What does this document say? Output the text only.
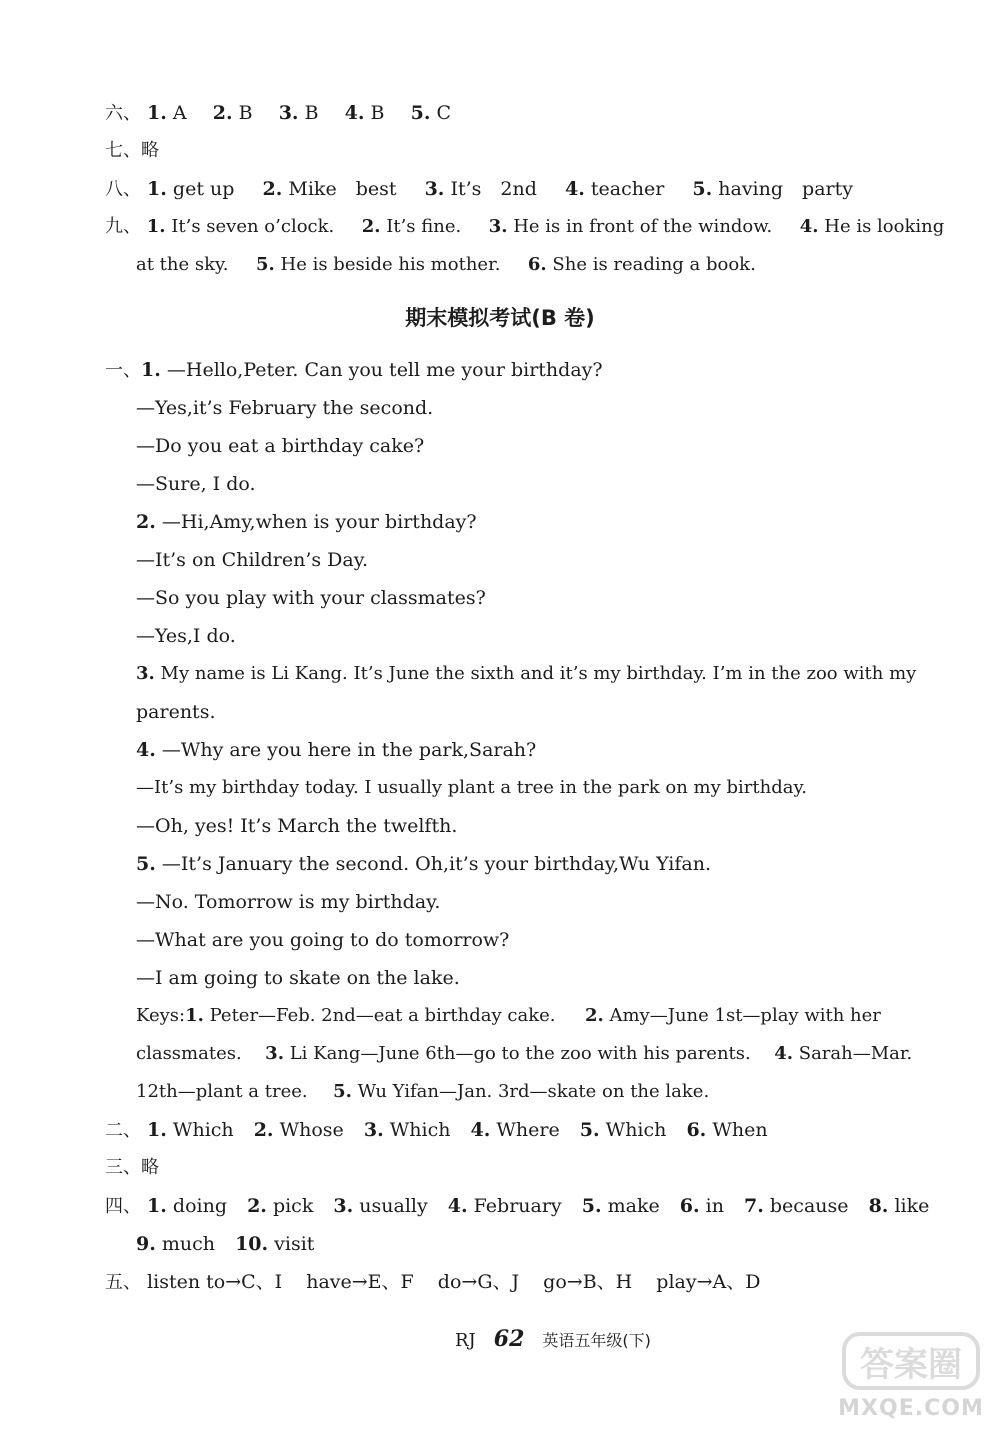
六、 1. A 2. B 3. B 4. B 5. C
七、略
八、 1. get up 2. Mike　best 3. It’s　2nd 4. teacher 5. having　party
九、 1. It’s seven o’clock. 2. It’s fine. 3. He is in front of the window. 4. He is looking
at the sky. 5. He is beside his mother. 6. She is reading a book.
期末模拟考试(B 卷)
一、1. —Hello,Peter. Can you tell me your birthday?
—Yes,it’s February the second.
—Do you eat a birthday cake?
—Sure, I do.
2. —Hi,Amy,when is your birthday?
—It’s on Children’s Day.
—So you play with your classmates?
—Yes,I do.
3. My name is Li Kang. It’s June the sixth and it’s my birthday. I’m in the zoo with my
parents.
4. —Why are you here in the park,Sarah?
—It’s my birthday today. I usually plant a tree in the park on my birthday.
—Oh, yes! It’s March the twelfth.
5. —It’s January the second. Oh,it’s your birthday,Wu Yifan.
—No. Tomorrow is my birthday.
—What are you going to do tomorrow?
—I am going to skate on the lake.
Keys:1. Peter—Feb. 2nd—eat a birthday cake. 2. Amy—June 1st—play with her
classmates. 3. Li Kang—June 6th—go to the zoo with his parents. 4. Sarah—Mar.
12th—plant a tree. 5. Wu Yifan—Jan. 3rd—skate on the lake.
二、 1. Which 2. Whose 3. Which 4. Where 5. Which 6. When
三、略
四、 1. doing 2. pick 3. usually 4. February 5. make 6. in 7. because 8. like
9. much 10. visit
五、 listen to→C、I have→E、F do→G、J go→B、H play→A、D
RJ 62 英语五年级(下)
答案圈
MXQE.COM
